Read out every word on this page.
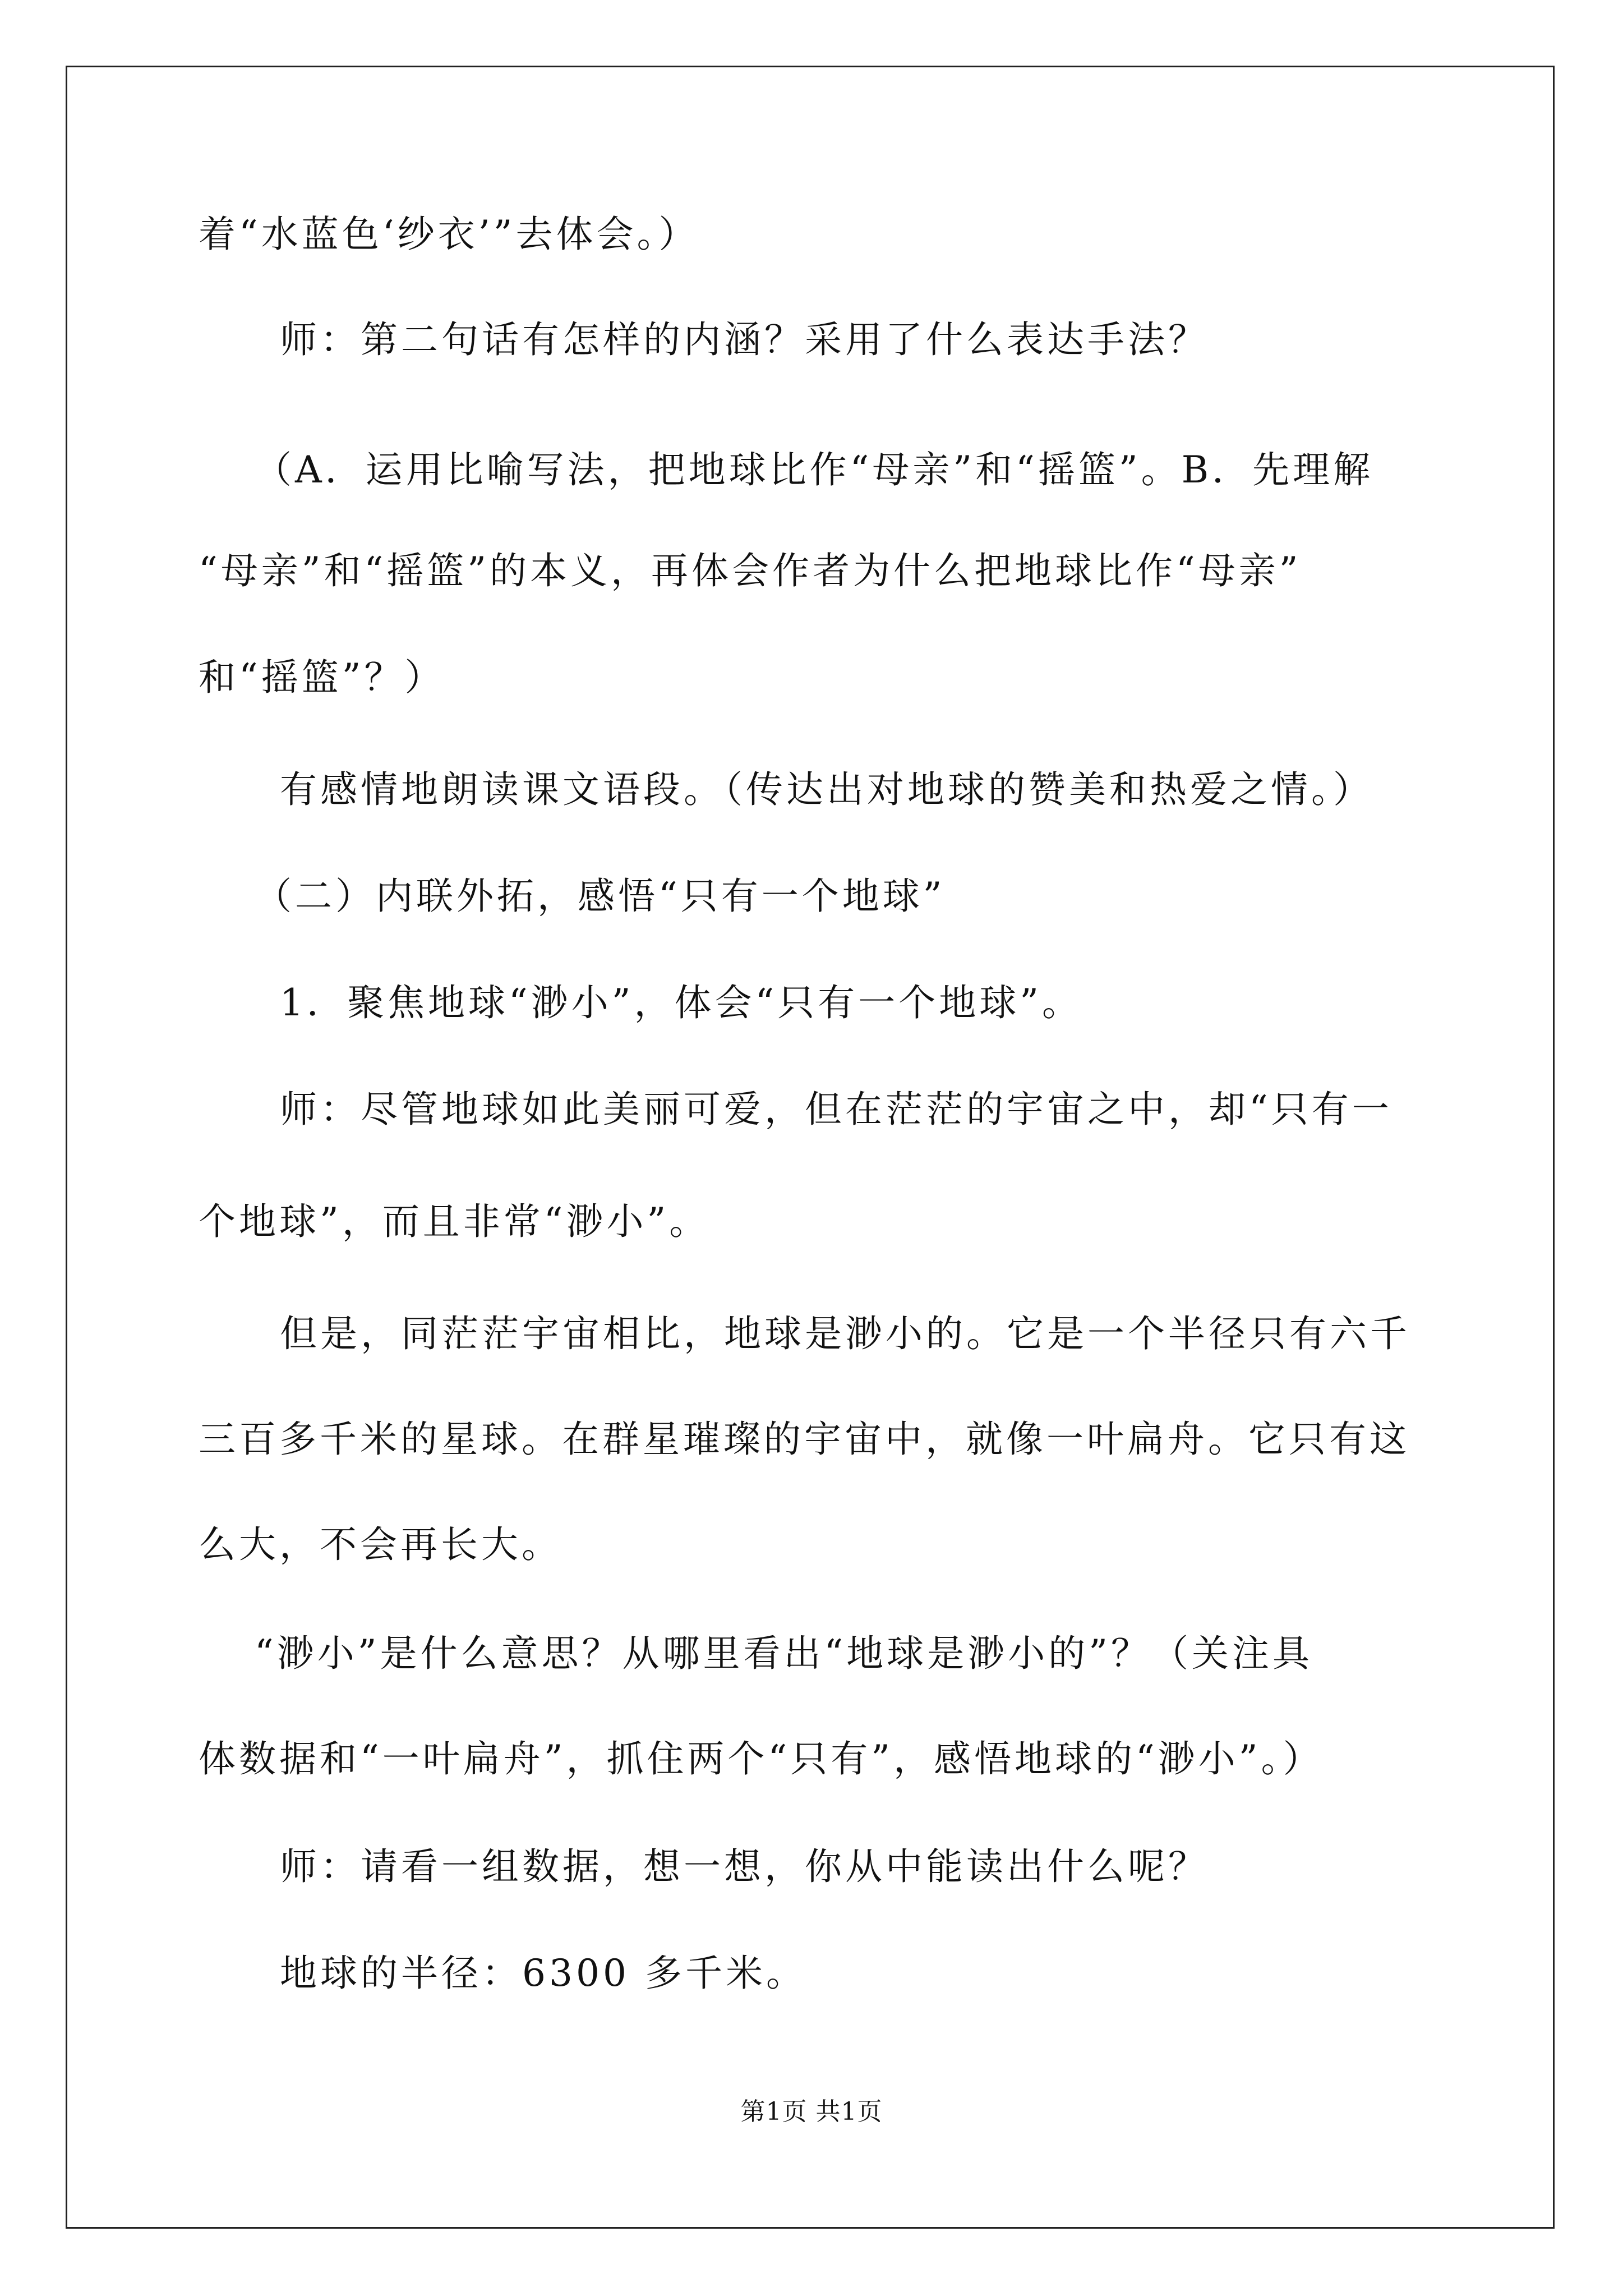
着“水蓝色‘纱衣’”去体会。）
师：第二句话有怎样的内涵？采用了什么表达手法？
（A．运用比喻写法，把地球比作“母亲”和“摇篮”。B．先理解
“母亲”和“摇篮”的本义，再体会作者为什么把地球比作“母亲”
和“摇篮”？）
有感情地朗读课文语段。（传达出对地球的赞美和热爱之情。）
（二）内联外拓，感悟“只有一个地球”
1．聚焦地球“渺小”，体会“只有一个地球”。
师：尽管地球如此美丽可爱，但在茫茫的宇宙之中，却“只有一
个地球”，而且非常“渺小”。
但是，同茫茫宇宙相比，地球是渺小的。它是一个半径只有六千
三百多千米的星球。在群星璀璨的宇宙中，就像一叶扁舟。它只有这
么大，不会再长大。
“渺小”是什么意思？从哪里看出“地球是渺小的”？（关注具
体数据和“一叶扁舟”，抓住两个“只有”，感悟地球的“渺小”。）
师：请看一组数据，想一想，你从中能读出什么呢？
地球的半径：6300 多千米。
第1页 共1页
